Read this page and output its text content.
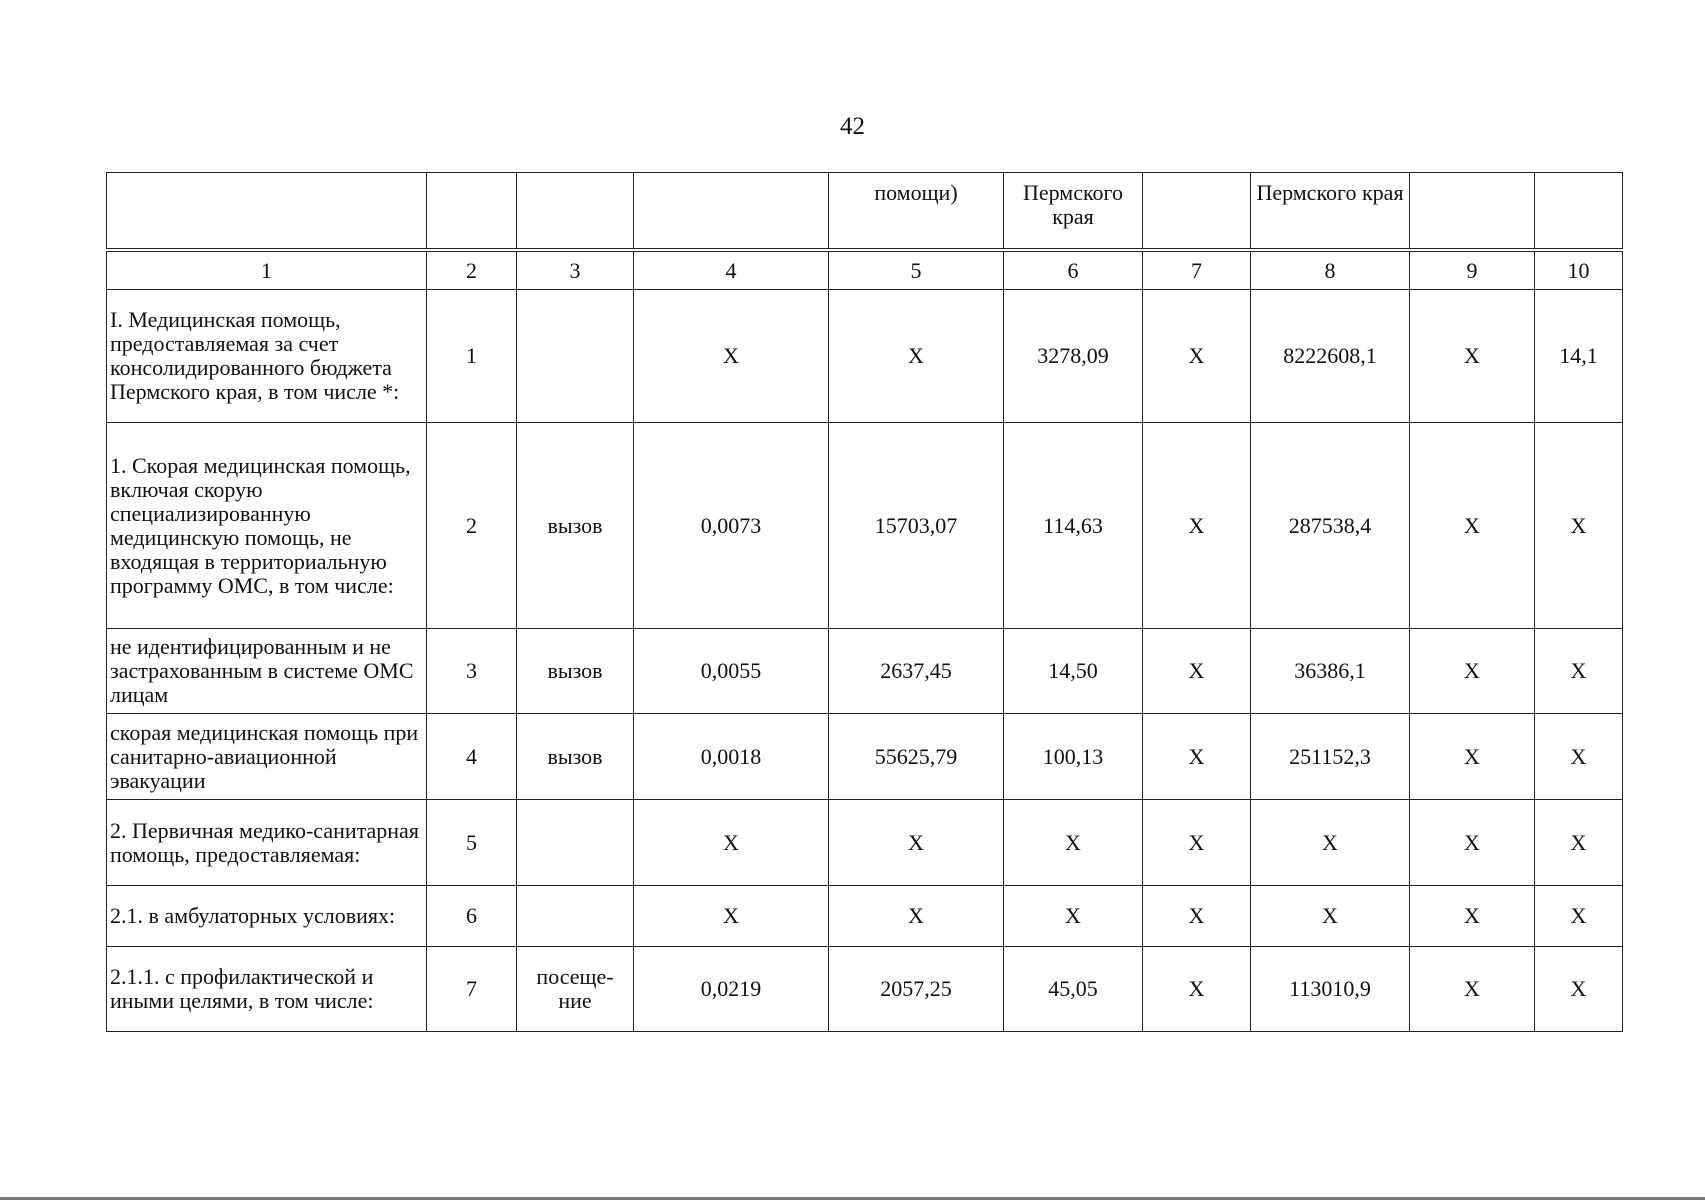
42
				помощи)	Пермского края		Пермского края		
1	2	3	4	5	6	7	8	9	10
I. Медицинская помощь, предоставляемая за счет консолидированного бюджета Пермского края, в том числе *:	1		X	X	3278,09	X	8222608,1	X	14,1
1. Скорая медицинская помощь, включая скорую специализированную медицинскую помощь, не входящая в территориальную программу ОМС, в том числе:	2	вызов	0,0073	15703,07	114,63	X	287538,4	X	X
не идентифицированным и не застрахованным в системе ОМС лицам	3	вызов	0,0055	2637,45	14,50	X	36386,1	X	X
скорая медицинская помощь при санитарно-авиационной эвакуации	4	вызов	0,0018	55625,79	100,13	X	251152,3	X	X
2. Первичная медико-санитарная помощь, предоставляемая:	5		X	X	X	X	X	X	X
2.1. в амбулаторных условиях:	6		X	X	X	X	X	X	X
2.1.1. с профилактической и иными целями, в том числе:	7	посеще-ние	0,0219	2057,25	45,05	X	113010,9	X	X
